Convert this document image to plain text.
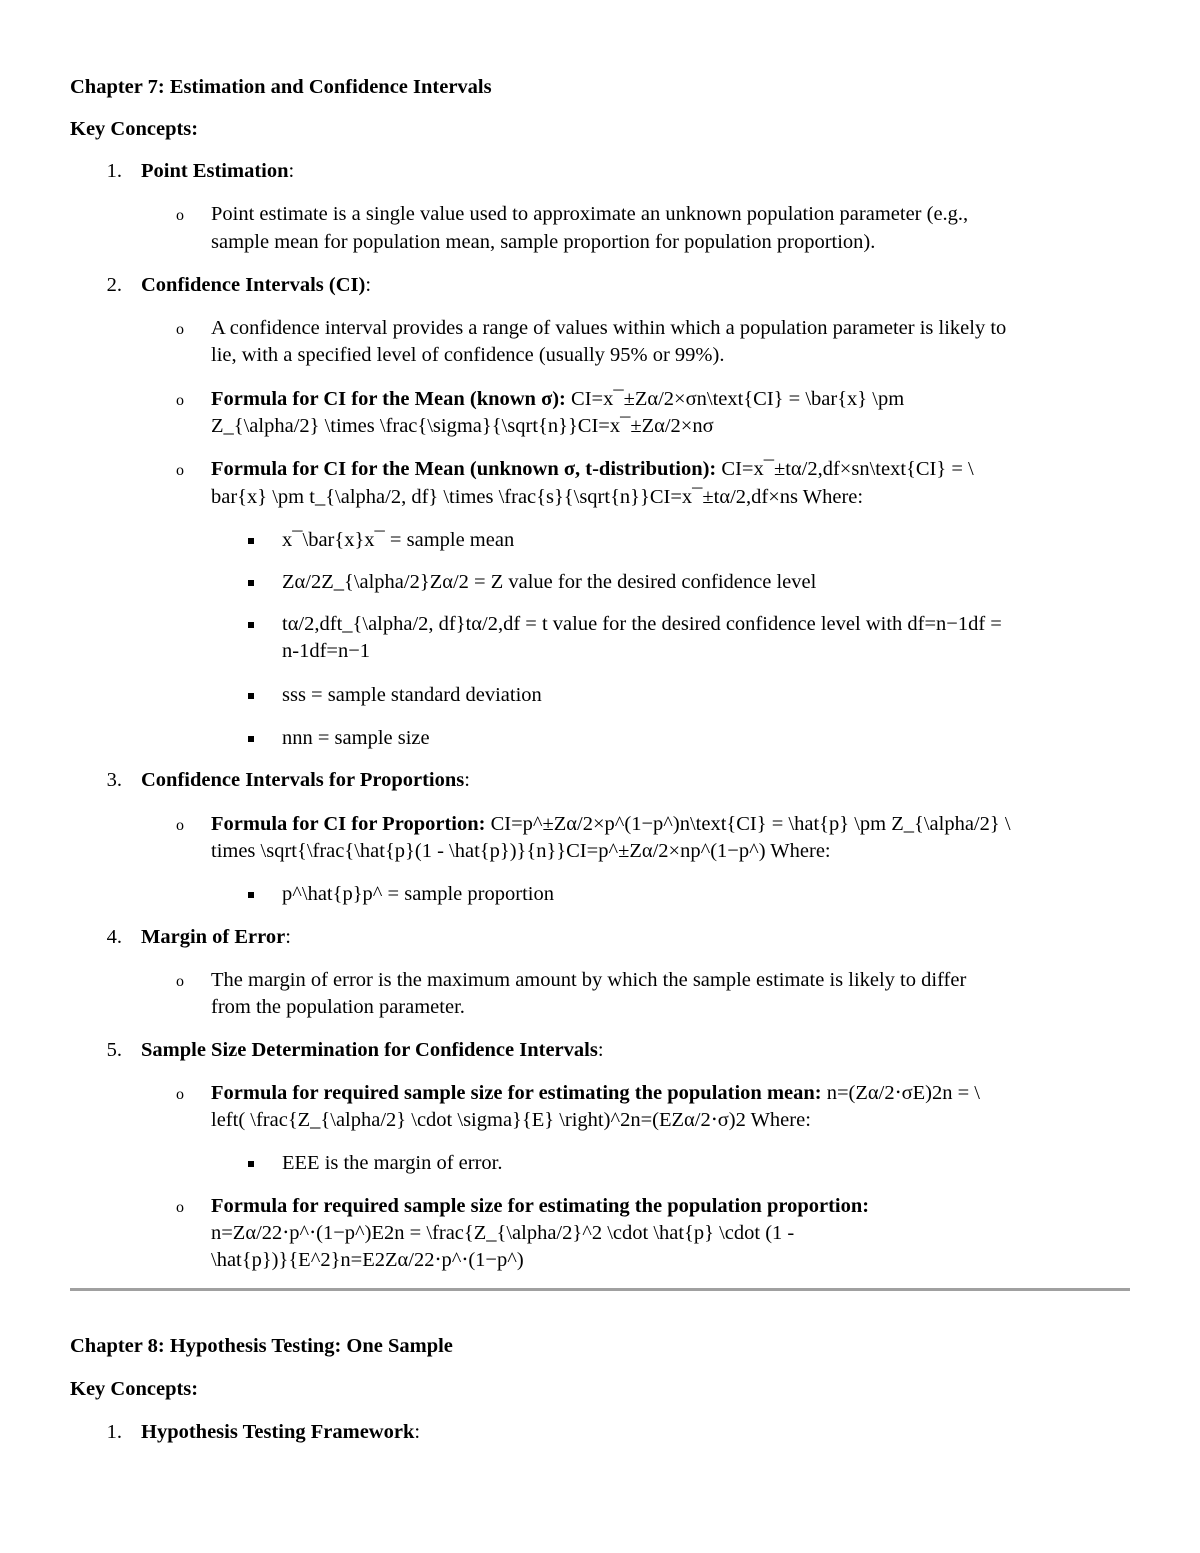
Chapter 7: Estimation and Confidence Intervals
Key Concepts:
1. Point Estimation:
o Point estimate is a single value used to approximate an unknown population parameter (e.g.,
sample mean for population mean, sample proportion for population proportion).
2. Confidence Intervals (CI):
o A confidence interval provides a range of values within which a population parameter is likely to
lie, with a specified level of confidence (usually 95% or 99%).
o Formula for CI for the Mean (known σ): CI=x¯±Zα/2×σn\text{CI} = \bar{x} \pm
Z_{\alpha/2} \times \frac{\sigma}{\sqrt{n}}CI=x¯±Zα/2×nσ
o Formula for CI for the Mean (unknown σ, t-distribution): CI=x¯±tα/2,df×sn\text{CI} = \
bar{x} \pm t_{\alpha/2, df} \times \frac{s}{\sqrt{n}}CI=x¯±tα/2,df×ns Where:
x¯\bar{x}x¯ = sample mean
Zα/2Z_{\alpha/2}Zα/2 = Z value for the desired confidence level
tα/2,dft_{\alpha/2, df}tα/2,df = t value for the desired confidence level with df=n−1df =
n-1df=n−1
sss = sample standard deviation
nnn = sample size
3. Confidence Intervals for Proportions:
o Formula for CI for Proportion: CI=p^±Zα/2×p^(1−p^)n\text{CI} = \hat{p} \pm Z_{\alpha/2} \
times \sqrt{\frac{\hat{p}(1 - \hat{p})}{n}}CI=p^±Zα/2×np^(1−p^) Where:
p^\hat{p}p^ = sample proportion
4. Margin of Error:
o The margin of error is the maximum amount by which the sample estimate is likely to differ
from the population parameter.
5. Sample Size Determination for Confidence Intervals:
o Formula for required sample size for estimating the population mean: n=(Zα/2⋅σE)2n = \
left( \frac{Z_{\alpha/2} \cdot \sigma}{E} \right)^2n=(EZα/2⋅σ)2 Where:
EEE is the margin of error.
o Formula for required sample size for estimating the population proportion:
n=Zα/22⋅p^⋅(1−p^)E2n = \frac{Z_{\alpha/2}^2 \cdot \hat{p} \cdot (1 -
\hat{p})}{E^2}n=E2Zα/22⋅p^⋅(1−p^)
Chapter 8: Hypothesis Testing: One Sample
Key Concepts:
1. Hypothesis Testing Framework:
